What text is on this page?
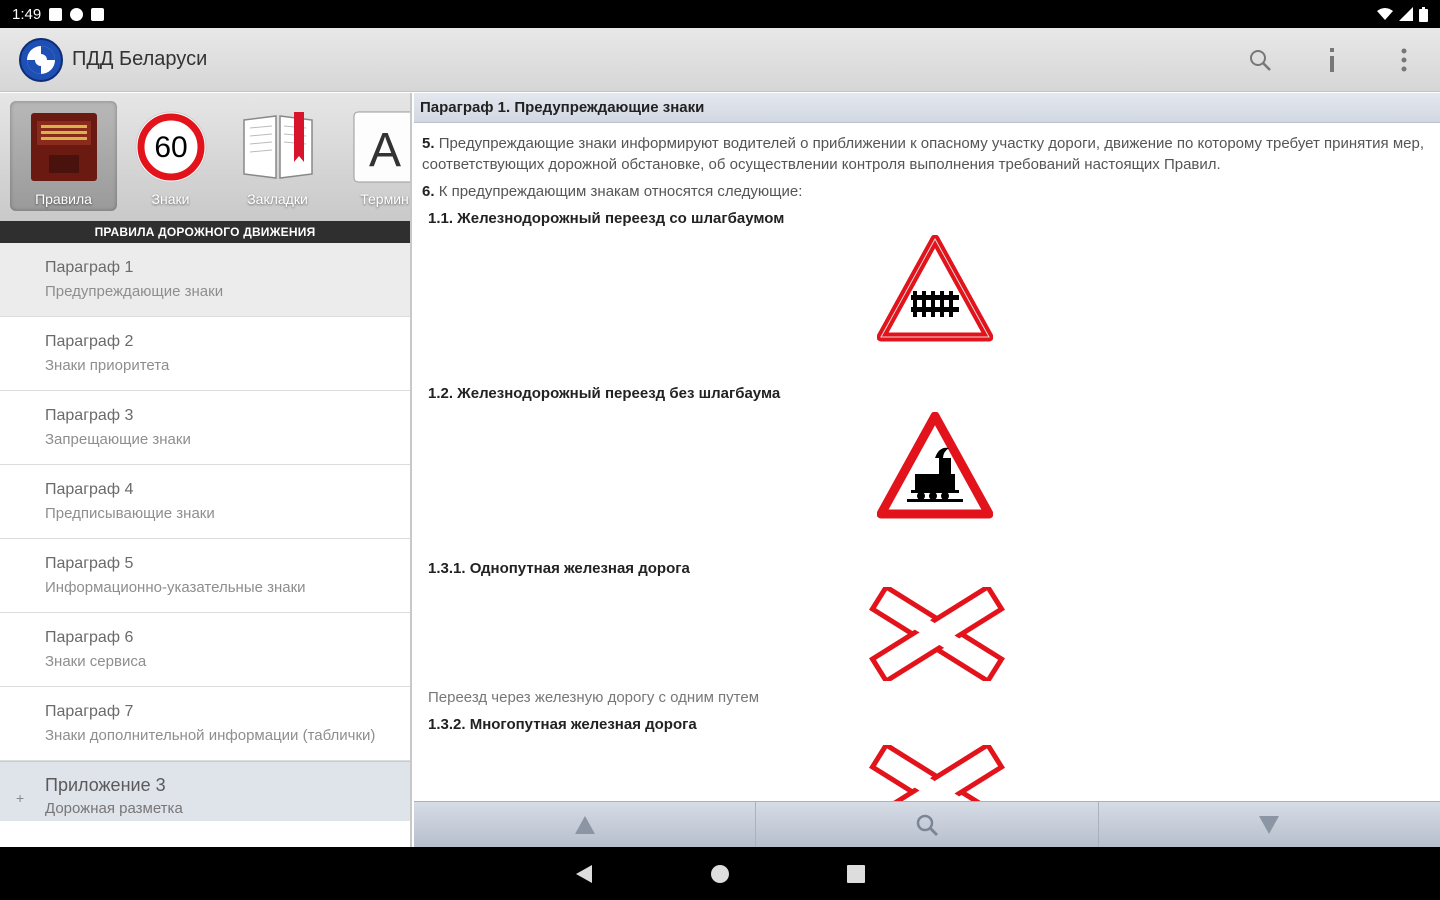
1:49
ПДД Беларуси
Правила
60
Знаки	Закладки
A
Термин
ПРАВИЛА ДОРОЖНОГО ДВИЖЕНИЯ
Параграф 1
Предупреждающие знаки
Параграф 2
Знаки приоритета
Параграф 3
Запрещающие знаки
Параграф 4
Предписывающие знаки
Параграф 5
Информационно-указательные знаки
Параграф 6
Знаки сервиса
Параграф 7
Знаки дополнительной информации (таблички)
+
Приложение 3
Дорожная разметка
Параграф 1. Предупреждающие знаки

5. Предупреждающие знаки информируют водителей о приближении к опасному участку дороги, движение по которому требует принятия мер, соответствующих дорожной обстановке, об осуществлении контроля выполнения требований настоящих Правил.

6. К предупреждающим знакам относятся следующие:

1.1. Железнодорожный переезд со шлагбаумом
1.2. Железнодорожный переезд без шлагбаума
1.3.1. Однопутная железная дорога
Переезд через железную дорогу с одним путем
1.3.2. Многопутная железная дорога
